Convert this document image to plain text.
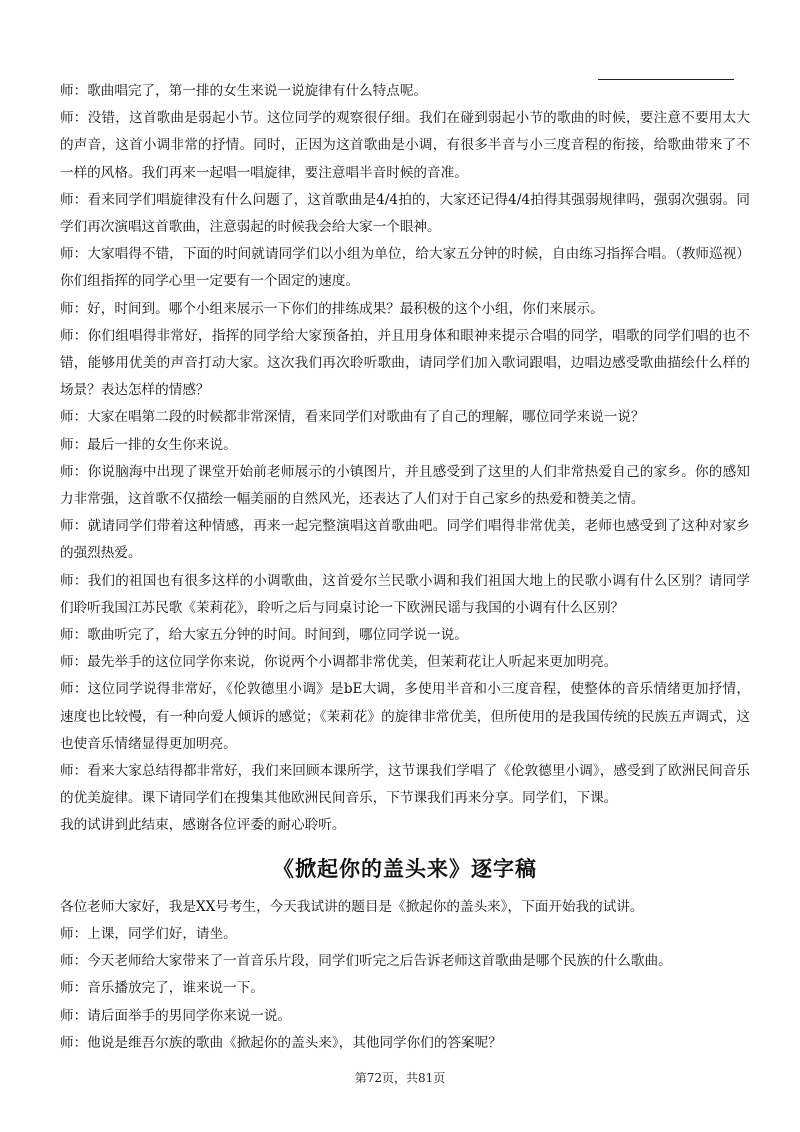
师：歌曲唱完了，第一排的女生来说一说旋律有什么特点呢。

师：没错，这首歌曲是弱起小节。这位同学的观察很仔细。我们在碰到弱起小节的歌曲的时候，要注意不要用太大的声音，这首小调非常的抒情。同时，正因为这首歌曲是小调，有很多半音与小三度音程的衔接，给歌曲带来了不一样的风格。我们再来一起唱一唱旋律，要注意唱半音时候的音准。

师：看来同学们唱旋律没有什么问题了，这首歌曲是4/4拍的，大家还记得4/4拍得其强弱规律吗，强弱次强弱。同学们再次演唱这首歌曲，注意弱起的时候我会给大家一个眼神。

师：大家唱得不错，下面的时间就请同学们以小组为单位，给大家五分钟的时候，自由练习指挥合唱。（教师巡视）你们组指挥的同学心里一定要有一个固定的速度。

师：好，时间到。哪个小组来展示一下你们的排练成果？最积极的这个小组，你们来展示。

师：你们组唱得非常好，指挥的同学给大家预备拍，并且用身体和眼神来提示合唱的同学，唱歌的同学们唱的也不错，能够用优美的声音打动大家。这次我们再次聆听歌曲，请同学们加入歌词跟唱，边唱边感受歌曲描绘什么样的场景？表达怎样的情感？

师：大家在唱第二段的时候都非常深情，看来同学们对歌曲有了自己的理解，哪位同学来说一说？

师：最后一排的女生你来说。

师：你说脑海中出现了课堂开始前老师展示的小镇图片，并且感受到了这里的人们非常热爱自己的家乡。你的感知力非常强，这首歌不仅描绘一幅美丽的自然风光，还表达了人们对于自己家乡的热爱和赞美之情。

师：就请同学们带着这种情感，再来一起完整演唱这首歌曲吧。同学们唱得非常优美，老师也感受到了这种对家乡的强烈热爱。

师：我们的祖国也有很多这样的小调歌曲，这首爱尔兰民歌小调和我们祖国大地上的民歌小调有什么区别？请同学们聆听我国江苏民歌《茉莉花》，聆听之后与同桌讨论一下欧洲民谣与我国的小调有什么区别？

师：歌曲听完了，给大家五分钟的时间。时间到，哪位同学说一说。

师：最先举手的这位同学你来说，你说两个小调都非常优美，但茉莉花让人听起来更加明亮。

师：这位同学说得非常好，《伦敦德里小调》是bE大调，多使用半音和小三度音程，使整体的音乐情绪更加抒情，速度也比较慢，有一种向爱人倾诉的感觉；《茉莉花》的旋律非常优美，但所使用的是我国传统的民族五声调式，这也使音乐情绪显得更加明亮。

师：看来大家总结得都非常好，我们来回顾本课所学，这节课我们学唱了《伦敦德里小调》，感受到了欧洲民间音乐的优美旋律。课下请同学们在搜集其他欧洲民间音乐，下节课我们再来分享。同学们，下课。

我的试讲到此结束，感谢各位评委的耐心聆听。

《掀起你的盖头来》逐字稿

各位老师大家好，我是XX号考生，今天我试讲的题目是《掀起你的盖头来》，下面开始我的试讲。

师：上课，同学们好，请坐。

师：今天老师给大家带来了一首音乐片段，同学们听完之后告诉老师这首歌曲是哪个民族的什么歌曲。

师：音乐播放完了，谁来说一下。

师：请后面举手的男同学你来说一说。

师：他说是维吾尔族的歌曲《掀起你的盖头来》，其他同学你们的答案呢？

第72页，共81页
